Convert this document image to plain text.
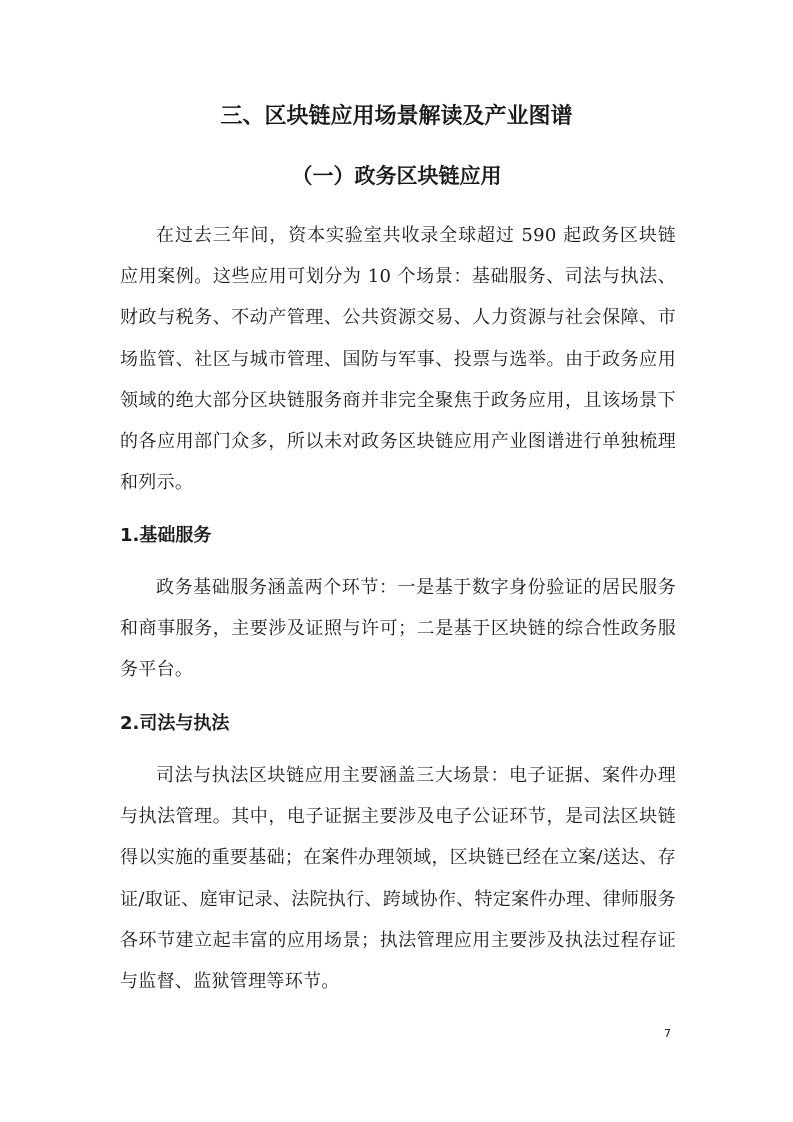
三、区块链应用场景解读及产业图谱
（一）政务区块链应用

在过去三年间，资本实验室共收录全球超过 590 起政务区块链应用案例。这些应用可划分为 10 个场景：基础服务、司法与执法、财政与税务、不动产管理、公共资源交易、人力资源与社会保障、市场监管、社区与城市管理、国防与军事、投票与选举。由于政务应用领域的绝大部分区块链服务商并非完全聚焦于政务应用，且该场景下的各应用部门众多，所以未对政务区块链应用产业图谱进行单独梳理和列示。

1.基础服务

政务基础服务涵盖两个环节：一是基于数字身份验证的居民服务和商事服务，主要涉及证照与许可；二是基于区块链的综合性政务服务平台。

2.司法与执法

司法与执法区块链应用主要涵盖三大场景：电子证据、案件办理与执法管理。其中，电子证据主要涉及电子公证环节，是司法区块链得以实施的重要基础；在案件办理领域，区块链已经在立案/送达、存证/取证、庭审记录、法院执行、跨域协作、特定案件办理、律师服务各环节建立起丰富的应用场景；执法管理应用主要涉及执法过程存证与监督、监狱管理等环节。

7
